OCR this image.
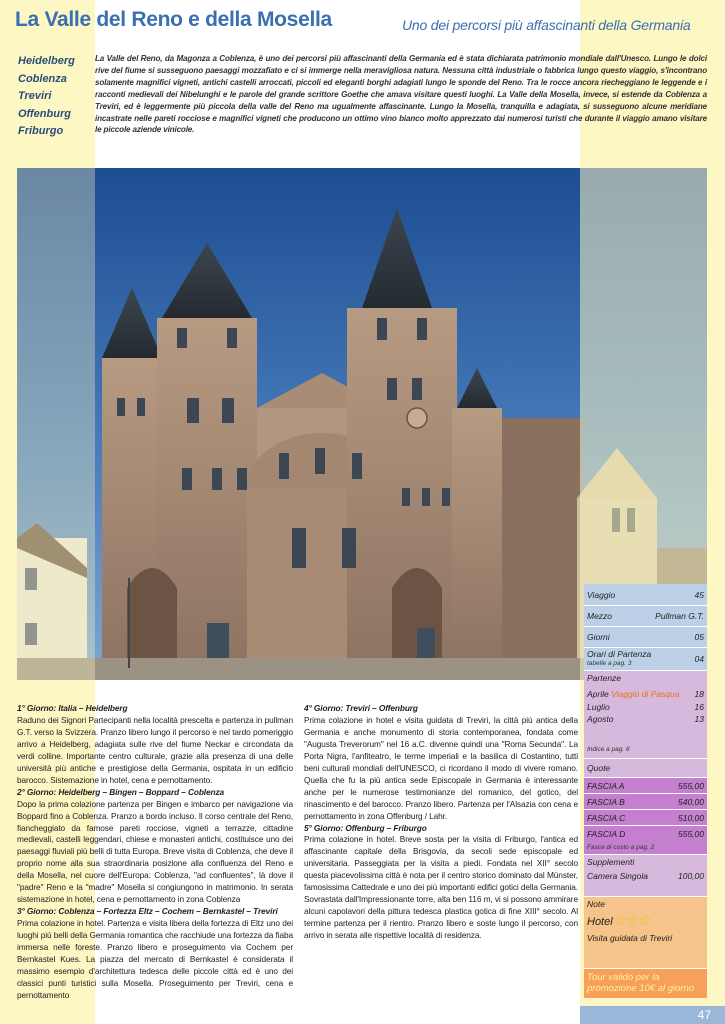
La Valle del Reno e della Mosella	Uno dei percorsi più affascinanti della Germania
Heidelberg
Coblenza
Treviri
Offenburg
Friburgo

La Valle del Reno, da Magonza a Coblenza, è uno dei percorsi più affascinanti della Germania ed è stata dichiarata patrimonio mondiale dall'Unesco. Lungo le dolci rive del fiume si susseguono paesaggi mozzafiato e ci si immerge nella meravigliosa natura. Nessuna città industriale o fabbrica lungo questo viaggio, s'incontrano solamente magnifici vigneti, antichi castelli arroccati, piccoli ed eleganti borghi adagiati lungo le sponde del Reno. Tra le rocce ancora riecheggiano le leggende e i racconti medievali dei Nibelunghi e le parole del grande scrittore Goethe che amava visitare questi luoghi. La Valle della Mosella, invece, si estende da Coblenza a Treviri, ed è leggermente più piccola della valle del Reno ma ugualmente affascinante. Lungo la Mosella, tranquilla e adagiata, si susseguono alcune meridiane incastrate nelle pareti rocciose e magnifici vigneti che producono un ottimo vino bianco molto apprezzato dai numerosi turisti che durante il viaggio amano visitare le piccole aziende vinicole.

1° Giorno: Italia – Heidelberg
Raduno dei Signori Partecipanti nella località prescelta e partenza in pullman G.T. verso la Svizzera. Pranzo libero lungo il percorso e nel tardo pomeriggio arrivo a Heidelberg, adagiata sulle rive del fiume Neckar e circondata da verdi colline. Importante centro culturale, grazie alla presenza di una delle università più antiche e prestigiose della Germania, ospitata in un edificio barocco. Sistemazione in hotel, cena e pernottamento.
2° Giorno: Heidelberg – Bingen – Boppard – Coblenza
Dopo la prima colazione partenza per Bingen e imbarco per navigazione via Boppard fino a Coblenza. Pranzo a bordo incluso. Il corso centrale del Reno, fiancheggiato da famose pareti rocciose, vigneti a terrazze, cittadine medievali, castelli leggendari, chiese e monasteri antichi, costituisce uno dei paesaggi fluviali più belli di tutta Europa. Breve visita di Coblenza, che deve il proprio nome alla sua straordinaria posizione alla confluenza del Reno e della Mosella, nel cuore dell'Europa: Coblenza, "ad confluentes", là dove il "padre" Reno e la "madre" Mosella si congiungono in matrimonio. In serata sistemazione in hotel, cena e pernottamento in zona Coblenza
3° Giorno: Coblenza – Fortezza Eltz – Cochem – Bernkastel – Treviri
Prima colazione in hotel. Partenza e visita libera della fortezza di Eltz uno dei luoghi più belli della Germania romantica che racchiude una fortezza da fiaba immersa nelle foreste. Pranzo libero e proseguimento via Cochem per Bernkastel Kues. La piazza del mercato di Bernkastel è considerata il massimo esempio d'architettura tedesca delle piccole città ed è uno dei classici punti turistici sulla Mosella. Proseguimento per Treviri, cena e pernottamento
4° Giorno: Treviri – Offenburg
Prima colazione in hotel e visita guidata di Treviri, la città più antica della Germania e anche monumento di storia contemporanea, fondata come "Augusta Treverorum" nel 16 a.C. divenne quindi una "Roma Secunda". La Porta Nigra, l'anfiteatro, le terme imperiali e la basilica di Costantino, tutti beni culturali mondiali dell'UNESCO, ci ricordano il modo di vivere romano. Quella che fu la più antica sede Episcopale in Germania è interessante anche per le numerose testimonianze del romanico, del gotico, del rinascimento e del barocco. Pranzo libero. Partenza per l'Alsazia con cena e pernottamento in zona Offenburg / Lahr.
5° Giorno: Offenburg – Friburgo
Prima colazione in hotel. Breve sosta per la visita di Friburgo, l'antica ed affascinante capitale della Brisgovia, da secoli sede episcopale ed universitaria. Passeggiata per la visita a piedi. Fondata nel XII° secolo questa piacevolissima città è nota per il centro storico dominato dal Münster, famosissima Cattedrale e uno dei più importanti edifici gotici della Germania. Sovrastata dall'Impressionante torre, alta ben 116 m, vi si possono ammirare alcuni capolavori della pittura tedesca plastica gotica di fine XIII° secolo. Al termine partenza per il rientro. Pranzo libero e soste lungo il percorso, con arrivo in serata alle rispettive località di residenza.
Viaggio	45
Mezzo	Pullman G.T.
Giorni	05
Orari di Partenza
tabelle a pag. 3	04
Partenze
Aprile Viaggio di Pasqua 18
Luglio	16
Agosto	13
Indice a pag. 6
Quote
FASCIA A	555,00
FASCIA B	540,00
FASCIA C	510,00
FASCIA D	555,00
Fasce di costo a pag. 2
Supplementi
Camera Singola	100,00
Note
Hotel☆☆☆
Visita guidata di Treviri
Tour valido per la
promozione 10€ al giorno
47
